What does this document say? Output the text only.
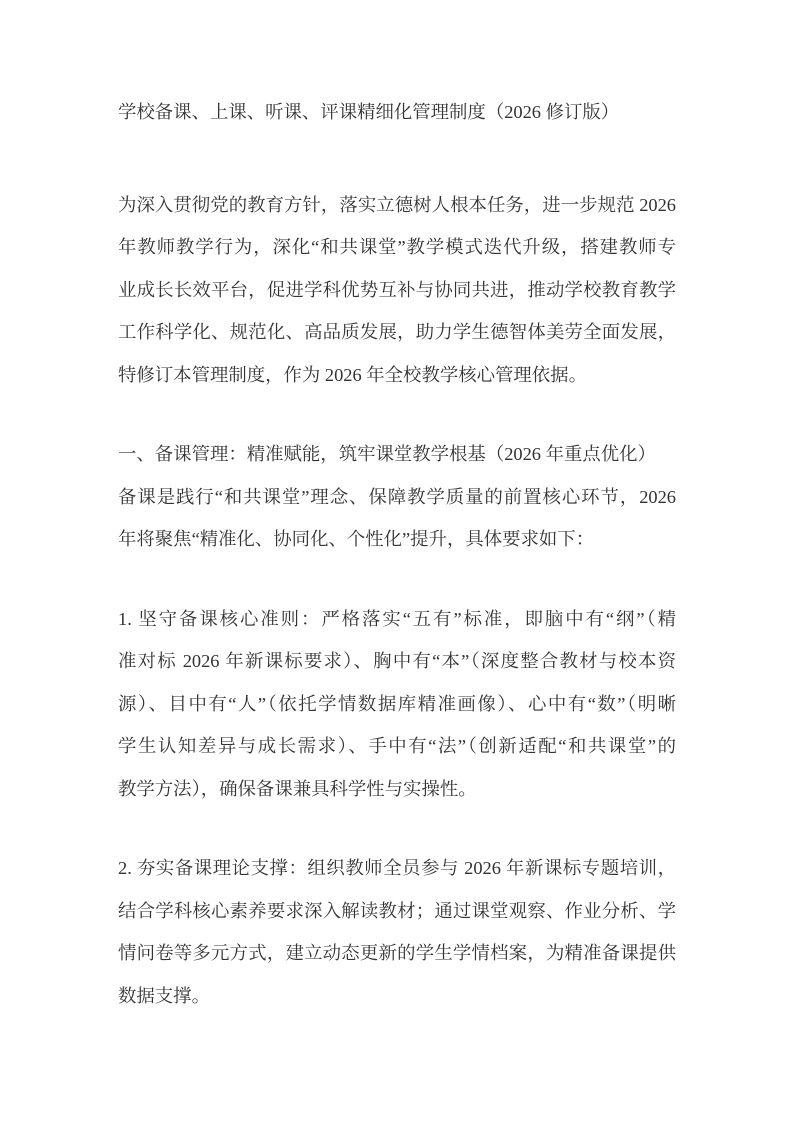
学校备课、上课、听课、评课精细化管理制度（2026 修订版）
为深入贯彻党的教育方针，落实立德树人根本任务，进一步规范 2026
年教师教学行为，深化“和共课堂”教学模式迭代升级，搭建教师专
业成长长效平台，促进学科优势互补与协同共进，推动学校教育教学
工作科学化、规范化、高品质发展，助力学生德智体美劳全面发展，
特修订本管理制度，作为 2026 年全校教学核心管理依据。
一、备课管理：精准赋能，筑牢课堂教学根基（2026 年重点优化）
备课是践行“和共课堂”理念、保障教学质量的前置核心环节，2026
年将聚焦“精准化、协同化、个性化”提升，具体要求如下：
1. 坚守备课核心准则：严格落实“五有”标准，即脑中有“纲”（精
准对标 2026 年新课标要求）、胸中有“本”（深度整合教材与校本资
源）、目中有“人”（依托学情数据库精准画像）、心中有“数”（明晰
学生认知差异与成长需求）、手中有“法”（创新适配“和共课堂”的
教学方法），确保备课兼具科学性与实操性。
2. 夯实备课理论支撑：组织教师全员参与 2026 年新课标专题培训，
结合学科核心素养要求深入解读教材；通过课堂观察、作业分析、学
情问卷等多元方式，建立动态更新的学生学情档案，为精准备课提供
数据支撑。
